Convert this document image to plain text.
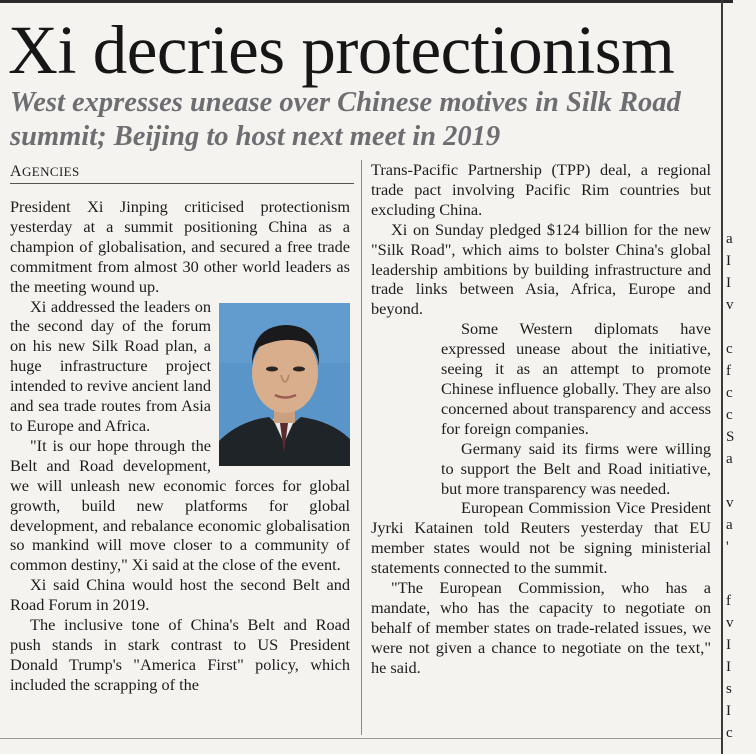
Xi decries protectionism
West expresses unease over Chinese motives in Silk Road summit; Beijing to host next meet in 2019
AGENCIES

President Xi Jinping criticised protectionism yesterday at a summit positioning China as a champion of globalisation, and secured a free trade commitment from almost 30 other world leaders as the meeting wound up.

Xi addressed the leaders on the second day of the forum on his new Silk Road plan, a huge infrastructure project intended to revive ancient land and sea trade routes from Asia to Europe and Africa.

"It is our hope through the Belt and Road development, we will unleash new economic forces for global growth, build new platforms for global development, and rebalance economic globalisation so mankind will move closer to a community of common destiny," Xi said at the close of the event.

Xi said China would host the second Belt and Road Forum in 2019.

The inclusive tone of China's Belt and Road push stands in stark contrast to US President Donald Trump's "America First" policy, which included the scrapping of the

Trans-Pacific Partnership (TPP) deal, a regional trade pact involving Pacific Rim countries but excluding China.

Xi on Sunday pledged $124 billion for the new "Silk Road", which aims to bolster China's global leadership ambitions by building infrastructure and trade links between Asia, Africa, Europe and beyond.

Some Western diplomats have expressed unease about the initiative, seeing it as an attempt to promote Chinese influence globally. They are also concerned about transparency and access for foreign companies.

Germany said its firms were willing to support the Belt and Road initiative, but more transparency was needed.

European Commission Vice President Jyrki Katainen told Reuters yesterday that EU member states would not be signing ministerial statements connected to the summit.

"The European Commission, who has a mandate, who has the capacity to negotiate on behalf of member states on trade-related issues, we were not given a chance to negotiate on the text," he said.

a
I
I
v
c
f
c
c
S
a
v
a
'
f
v
I
I
s
I
c
